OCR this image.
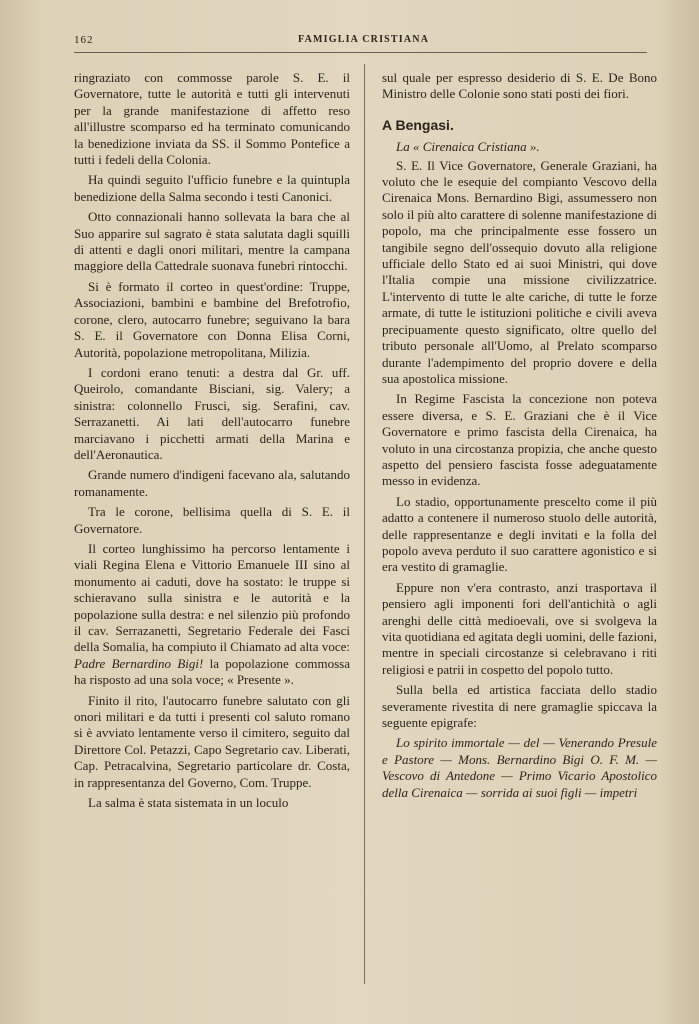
162	FAMIGLIA CRISTIANA

ringraziato con commosse parole S. E. il Governatore, tutte le autorità e tutti gli intervenuti per la grande manifestazione di affetto reso all'illustre scomparso ed ha terminato comunicando la benedizione inviata da SS. il Sommo Pontefice a tutti i fedeli della Colonia.

Ha quindi seguito l'ufficio funebre e la quintupla benedizione della Salma secondo i testi Canonici.

Otto connazionali hanno sollevata la bara che al Suo apparire sul sagrato è stata salutata dagli squilli di attenti e dagli onori militari, mentre la campana maggiore della Cattedrale suonava funebri rintocchi.

Si è formato il corteo in quest'ordine: Truppe, Associazioni, bambini e bambine del Brefotrofio, corone, clero, autocarro funebre; seguivano la bara S. E. il Governatore con Donna Elisa Corni, Autorità, popolazione metropolitana, Milizia.

I cordoni erano tenuti: a destra dal Gr. uff. Queirolo, comandante Bisciani, sig. Valery; a sinistra: colonnello Frusci, sig. Serafini, cav. Serrazanetti. Ai lati dell'autocarro funebre marciavano i picchetti armati della Marina e dell'Aeronautica.

Grande numero d'indigeni facevano ala, salutando romanamente.

Tra le corone, bellisima quella di S. E. il Governatore.

Il corteo lunghissimo ha percorso lentamente i viali Regina Elena e Vittorio Emanuele III sino al monumento ai caduti, dove ha sostato: le truppe si schieravano sulla sinistra e le autorità e la popolazione sulla destra: e nel silenzio più profondo il cav. Serrazanetti, Segretario Federale dei Fasci della Somalia, ha compiuto il Chiamato ad alta voce: Padre Bernardino Bigi! la popolazione commossa ha risposto ad una sola voce; « Presente ».

Finito il rito, l'autocarro funebre salutato con gli onori militari e da tutti i presenti col saluto romano si è avviato lentamente verso il cimitero, seguito dal Direttore Col. Petazzi, Capo Segretario cav. Liberati, Cap. Petracalvina, Segretario particolare dr. Costa, in rappresentanza del Governo, Com. Truppe.

La salma è stata sistemata in un loculo

sul quale per espresso desiderio di S. E. De Bono Ministro delle Colonie sono stati posti dei fiori.

A Bengasi.

La « Cirenaica Cristiana ».

S. E. Il Vice Governatore, Generale Graziani, ha voluto che le esequie del compianto Vescovo della Cirenaica Mons. Bernardino Bigi, assumessero non solo il più alto carattere di solenne manifestazione di popolo, ma che principalmente esse fossero un tangibile segno dell'ossequio dovuto alla religione ufficiale dello Stato ed ai suoi Ministri, qui dove l'Italia compie una missione civilizzatrice. L'intervento di tutte le alte cariche, di tutte le forze armate, di tutte le istituzioni politiche e civili aveva precipuamente questo significato, oltre quello del tributo personale all'Uomo, al Prelato scomparso durante l'adempimento del proprio dovere e della sua apostolica missione.

In Regime Fascista la concezione non poteva essere diversa, e S. E. Graziani che è il Vice Governatore e primo fascista della Cirenaica, ha voluto in una circostanza propizia, che anche questo aspetto del pensiero fascista fosse adeguatamente messo in evidenza.

Lo stadio, opportunamente prescelto come il più adatto a contenere il numeroso stuolo delle autorità, delle rappresentanze e degli invitati e la folla del popolo aveva perduto il suo carattere agonistico e si era vestito di gramaglie.

Eppure non v'era contrasto, anzi trasportava il pensiero agli imponenti fori dell'antichità o agli arenghi delle città medioevali, ove si svolgeva la vita quotidiana ed agitata degli uomini, delle fazioni, mentre in speciali circostanze si celebravano i riti religiosi e patrii in cospetto del popolo tutto.

Sulla bella ed artistica facciata dello stadio severamente rivestita di nere gramaglie spiccava la seguente epigrafe:

Lo spirito immortale — del — Venerando Presule e Pastore — Mons. Bernardino Bigi O. F. M. — Vescovo di Antedone — Primo Vicario Apostolico della Cirenaica — sorrida ai suoi figli — impetri
